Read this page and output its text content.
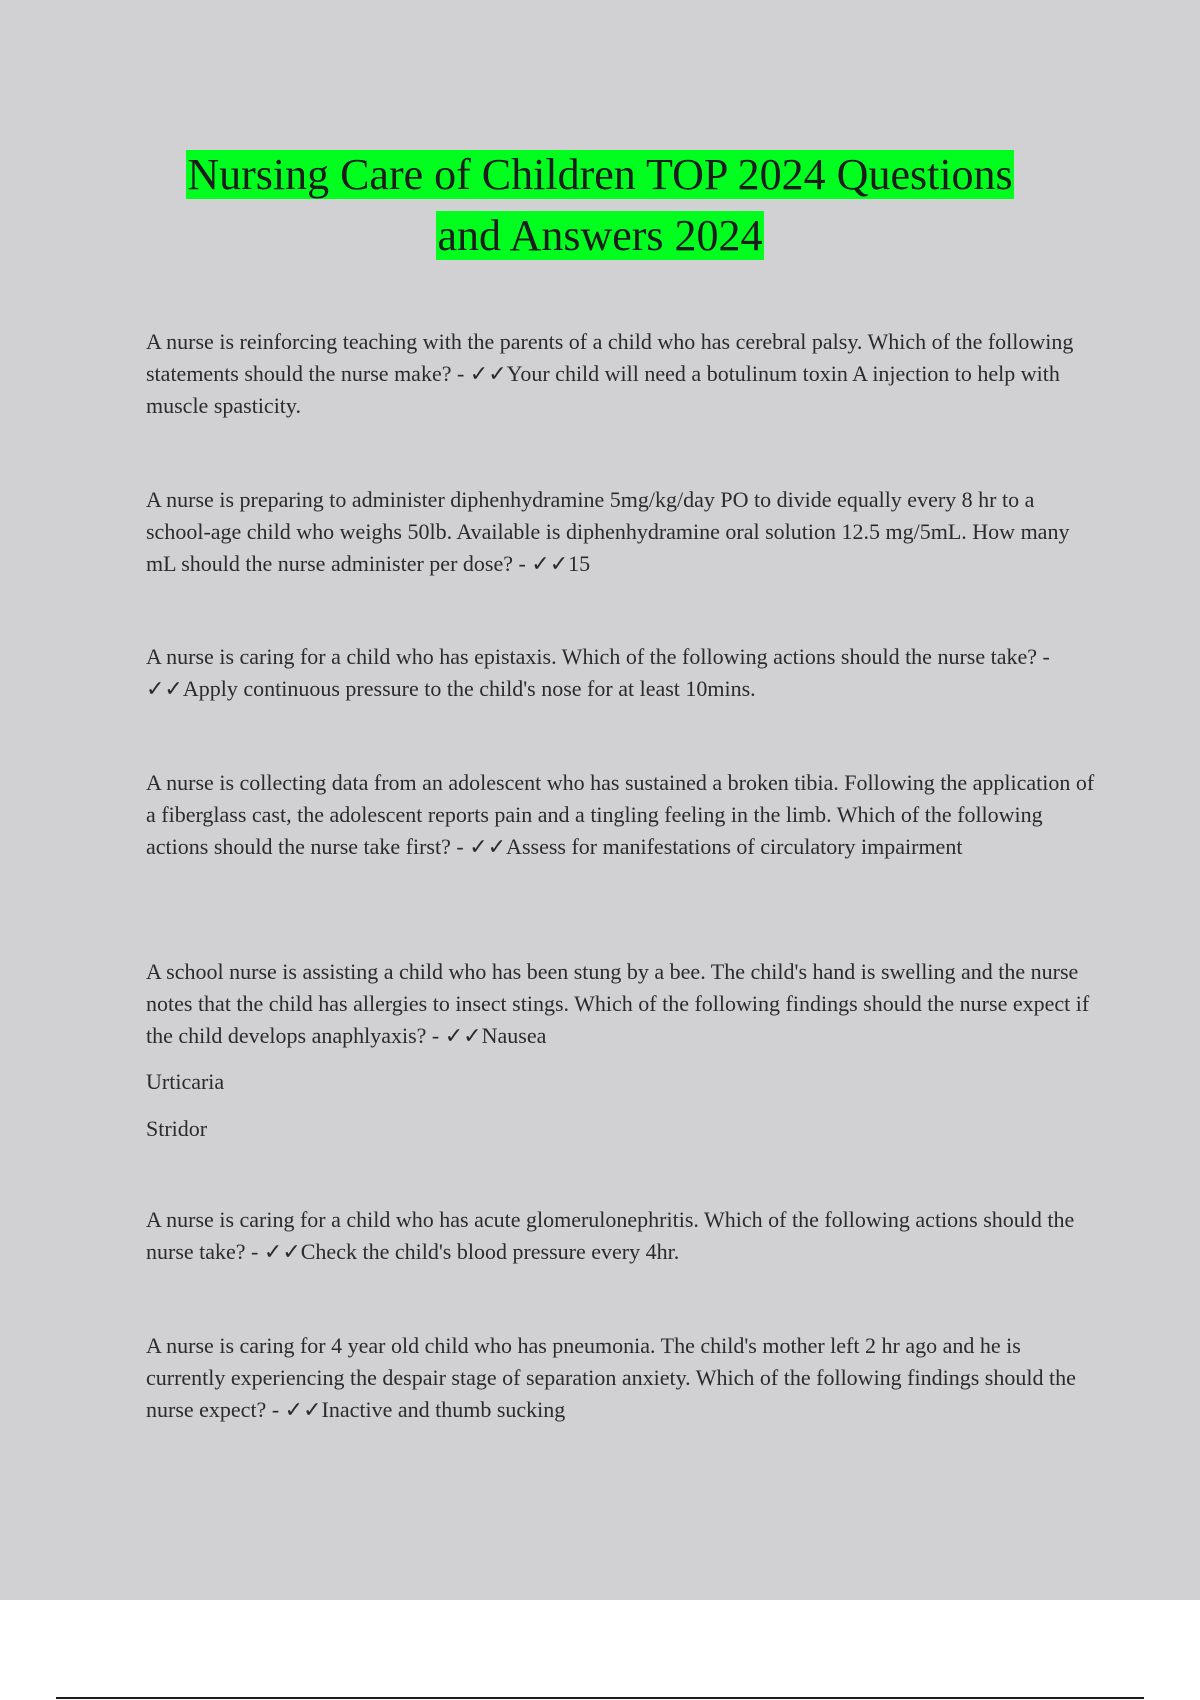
Nursing Care of Children TOP 2024 Questions
and Answers 2024

A nurse is reinforcing teaching with the parents of a child who has cerebral palsy. Which of the following statements should the nurse make? - ✓✓Your child will need a botulinum toxin A injection to help with muscle spasticity.

A nurse is preparing to administer diphenhydramine 5mg/kg/day PO to divide equally every 8 hr to a school-age child who weighs 50lb. Available is diphenhydramine oral solution 12.5 mg/5mL. How many mL should the nurse administer per dose? - ✓✓15

A nurse is caring for a child who has epistaxis. Which of the following actions should the nurse take? - ✓✓Apply continuous pressure to the child's nose for at least 10mins.

A nurse is collecting data from an adolescent who has sustained a broken tibia. Following the application of a fiberglass cast, the adolescent reports pain and a tingling feeling in the limb. Which of the following actions should the nurse take first? - ✓✓Assess for manifestations of circulatory impairment

A school nurse is assisting a child who has been stung by a bee. The child's hand is swelling and the nurse notes that the child has allergies to insect stings. Which of the following findings should the nurse expect if the child develops anaphlyaxis? - ✓✓Nausea

Urticaria
Stridor

A nurse is caring for a child who has acute glomerulonephritis. Which of the following actions should the nurse take? - ✓✓Check the child's blood pressure every 4hr.

A nurse is caring for 4 year old child who has pneumonia. The child's mother left 2 hr ago and he is currently experiencing the despair stage of separation anxiety. Which of the following findings should the nurse expect? - ✓✓Inactive and thumb sucking
